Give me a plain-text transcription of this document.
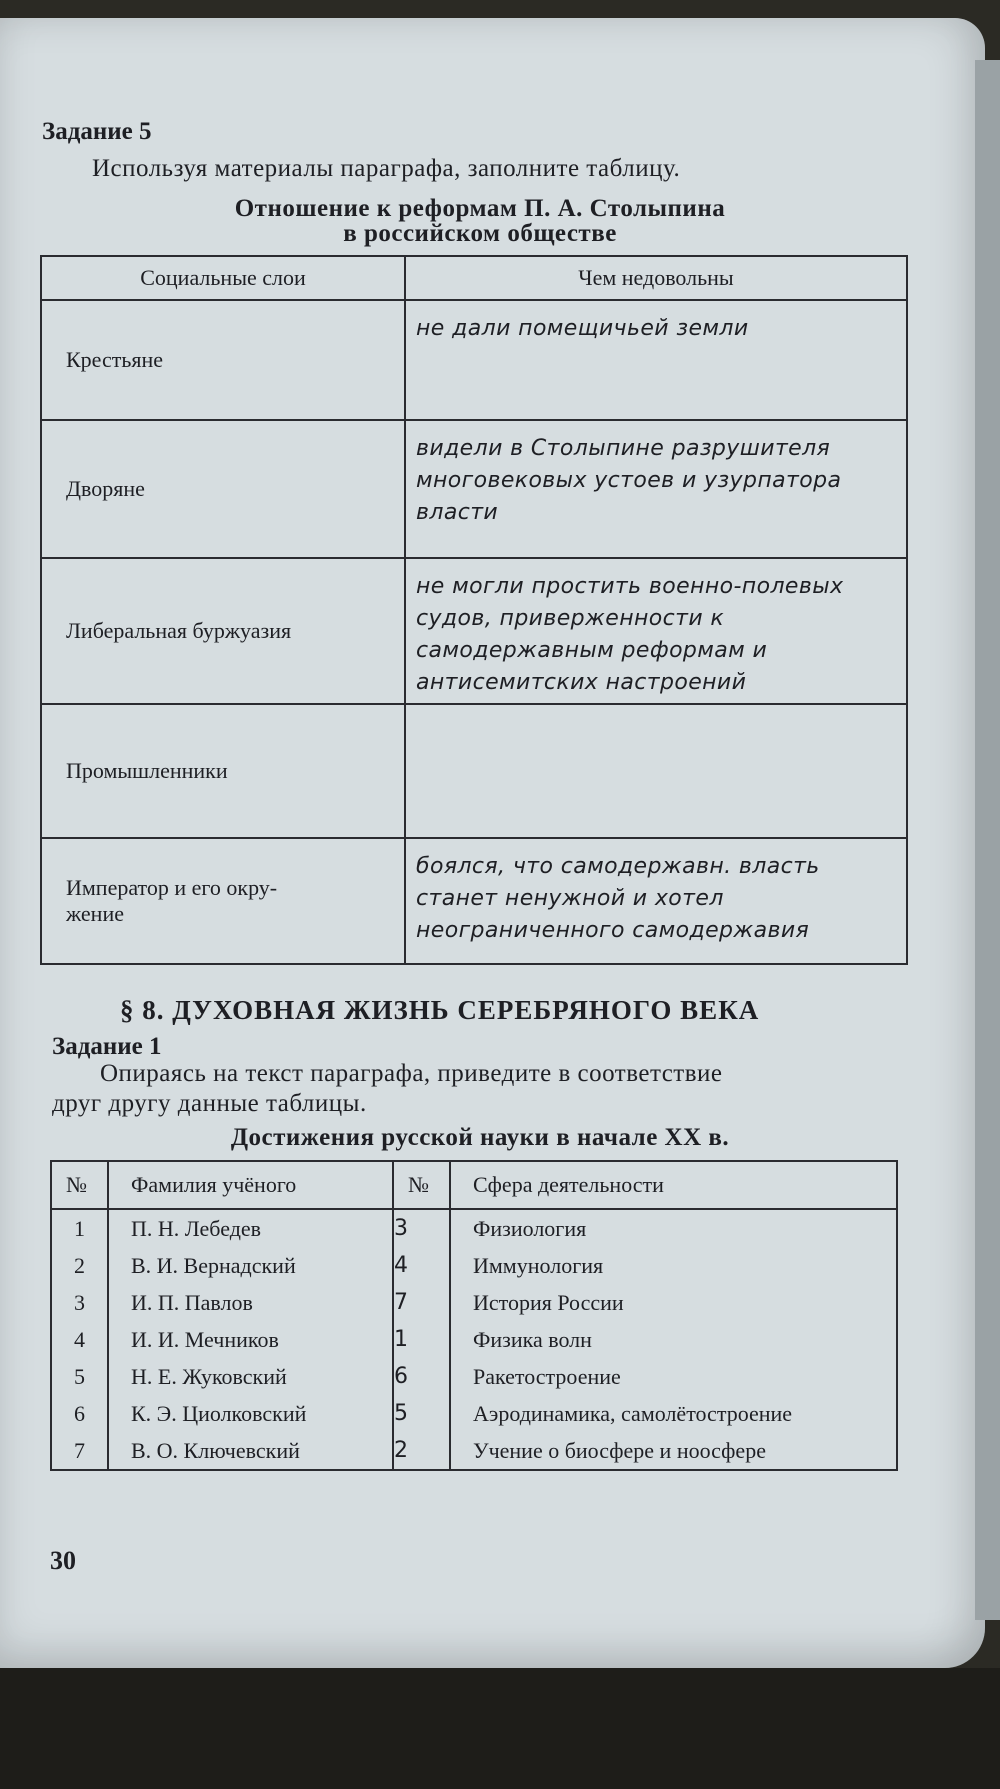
Задание 5
Используя материалы параграфа, заполните таблицу.
Отношение к реформам П. А. Столыпина
в российском обществе
Социальные слои	Чем недовольны
Крестьяне	не дали помещичьей земли
Дворяне	видели в Столыпине разрушителя многовековых устоев и узурпатора власти
Либеральная буржуазия	не могли простить военно-полевых судов, приверженности к самодержавным реформам и антисемитских настроений
Промышленники	
Император и его окру-
жение	боялся, что самодержавн. власть станет ненужной и хотел неограниченного самодержавия
§ 8. ДУХОВНАЯ ЖИЗНЬ СЕРЕБРЯНОГО ВЕКА
Задание 1
Опираясь на текст параграфа, приведите в соответствие
друг другу данные таблицы.
Достижения русской науки в начале XX в.
№	Фамилия учёного	№	Сфера деятельности
1	П. Н. Лебедев	3	Физиология
2	В. И. Вернадский	4	Иммунология
3	И. П. Павлов	7	История России
4	И. И. Мечников	1	Физика волн
5	Н. Е. Жуковский	6	Ракетостроение
6	К. Э. Циолковский	5	Аэродинамика, самолётостроение
7	В. О. Ключевский	2	Учение о биосфере и ноосфере
30
